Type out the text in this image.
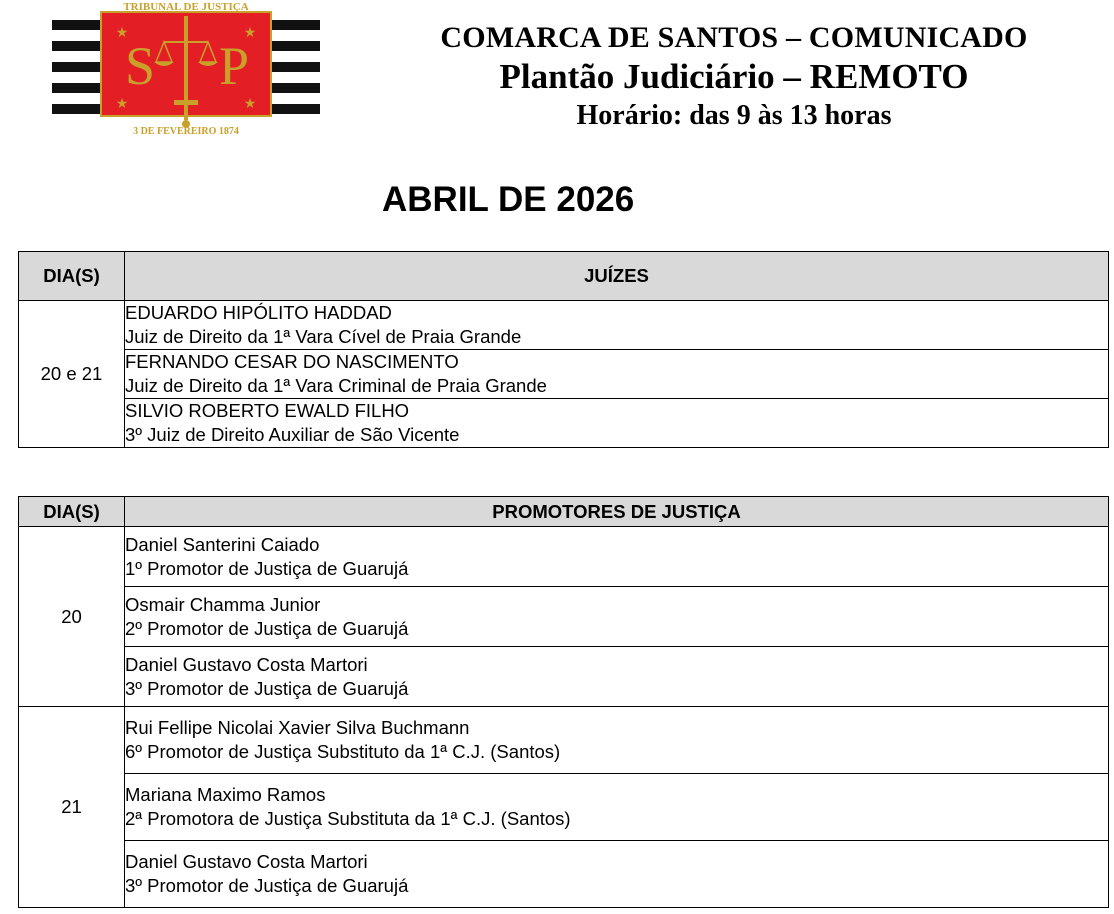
TRIBUNAL DE JUSTIÇA
★	★
★	★
S P
3 DE FEVEREIRO 1874
COMARCA DE SANTOS – COMUNICADO
Plantão Judiciário – REMOTO
Horário: das 9 às 13 horas
ABRIL DE 2026
DIA(S)	JUÍZES
20 e 21	EDUARDO HIPÓLITO HADDAD
Juiz de Direito da 1ª Vara Cível de Praia Grande

	FERNANDO CESAR DO NASCIMENTO
Juiz de Direito da 1ª Vara Criminal de Praia Grande

	SILVIO ROBERTO EWALD FILHO
3º Juiz de Direito Auxiliar de São Vicente
DIA(S)	PROMOTORES DE JUSTIÇA
20	Daniel Santerini Caiado
1º Promotor de Justiça de Guarujá

	Osmair Chamma Junior
2º Promotor de Justiça de Guarujá

	Daniel Gustavo Costa Martori
3º Promotor de Justiça de Guarujá

21	Rui Fellipe Nicolai Xavier Silva Buchmann
6º Promotor de Justiça Substituto da 1ª C.J. (Santos)

	Mariana Maximo Ramos
2ª Promotora de Justiça Substituta da 1ª C.J. (Santos)

	Daniel Gustavo Costa Martori
3º Promotor de Justiça de Guarujá
